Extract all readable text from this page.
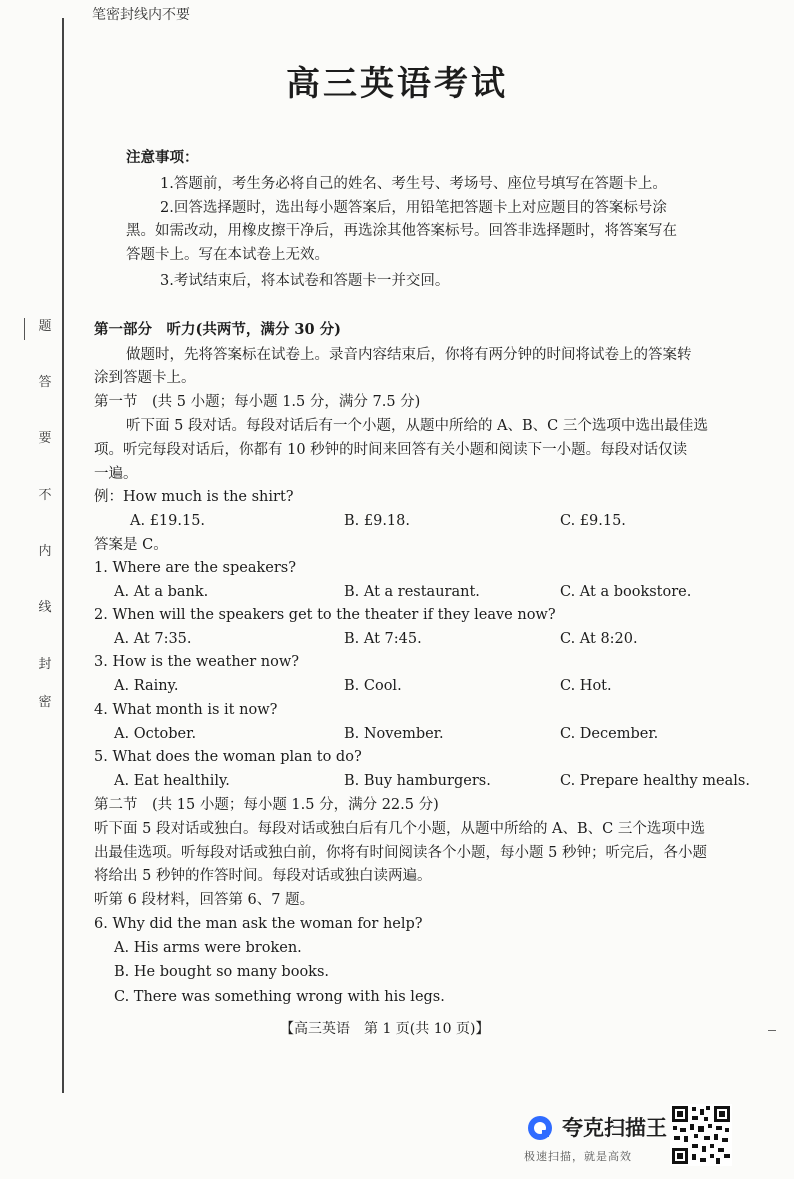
题
答
要
不
内
线
封
密
笔密封线内不要
高三英语考试
注意事项：
1.答题前，考生务必将自己的姓名、考生号、考场号、座位号填写在答题卡上。
2.回答选择题时，选出每小题答案后，用铅笔把答题卡上对应题目的答案标号涂
黑。如需改动，用橡皮擦干净后，再选涂其他答案标号。回答非选择题时，将答案写在
答题卡上。写在本试卷上无效。
3.考试结束后，将本试卷和答题卡一并交回。
第一部分　听力(共两节，满分 30 分)
做题时，先将答案标在试卷上。录音内容结束后，你将有两分钟的时间将试卷上的答案转
涂到答题卡上。
第一节　(共 5 小题；每小题 1.5 分，满分 7.5 分)
听下面 5 段对话。每段对话后有一个小题，从题中所给的 A、B、C 三个选项中选出最佳选
项。听完每段对话后，你都有 10 秒钟的时间来回答有关小题和阅读下一小题。每段对话仅读
一遍。
例：How much is the shirt?
A. £19.15.	B. £9.18.	C. £9.15.
答案是 C。
1. Where are the speakers?
A. At a bank.	B. At a restaurant.	C. At a bookstore.
2. When will the speakers get to the theater if they leave now?
A. At 7:35.	B. At 7:45.	C. At 8:20.
3. How is the weather now?
A. Rainy.	B. Cool.	C. Hot.
4. What month is it now?
A. October.	B. November.	C. December.
5. What does the woman plan to do?
A. Eat healthily.	B. Buy hamburgers.	C. Prepare healthy meals.
第二节　(共 15 小题；每小题 1.5 分，满分 22.5 分)
听下面 5 段对话或独白。每段对话或独白后有几个小题，从题中所给的 A、B、C 三个选项中选
出最佳选项。听每段对话或独白前，你将有时间阅读各个小题，每小题 5 秒钟；听完后，各小题
将给出 5 秒钟的作答时间。每段对话或独白读两遍。
听第 6 段材料，回答第 6、7 题。
6. Why did the man ask the woman for help?
A. His arms were broken.
B. He bought so many books.
C. There was something wrong with his legs.
【高三英语　第 1 页(共 10 页)】
夸克扫描王
极速扫描，就是高效
